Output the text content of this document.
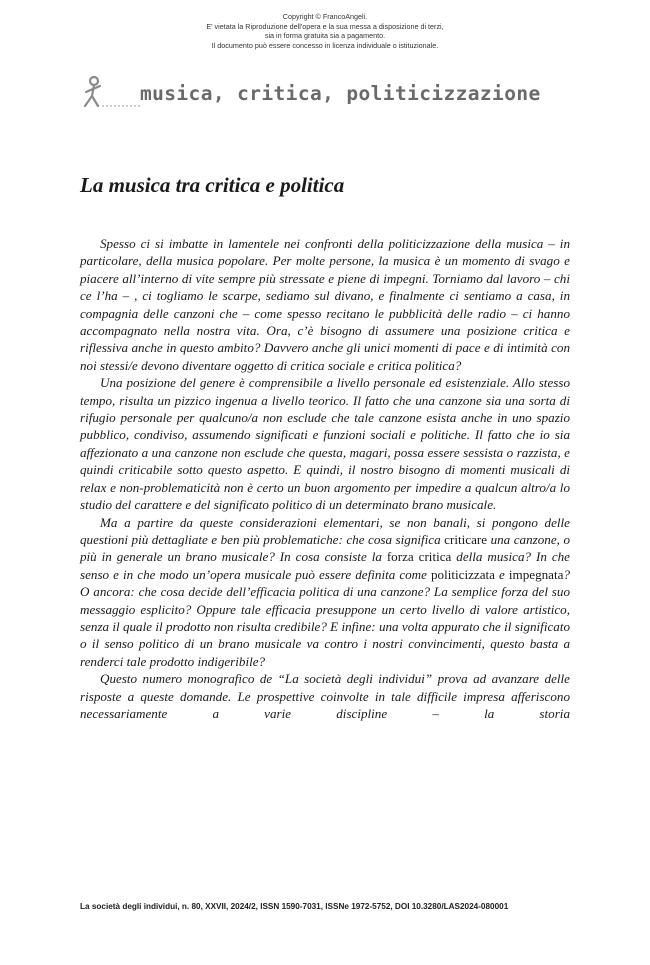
Copyright © FrancoAngeli.
E' vietata la Riproduzione dell'opera e la sua messa a disposizione di terzi,
sia in forma gratuita sia a pagamento.
Il documento può essere concesso in licenza individuale o istituzionale.
musica, critica, politicizzazione
La musica tra critica e politica

Spesso ci si imbatte in lamentele nei confronti della politicizzazione della musica – in particolare, della musica popolare. Per molte persone, la musica è un momento di svago e piacere all’interno di vite sempre più stressate e piene di impegni. Torniamo dal lavoro – chi ce l’ha – , ci togliamo le scarpe, sediamo sul divano, e finalmente ci sentiamo a casa, in compagnia delle canzoni che – come spesso recitano le pubblicità delle radio – ci hanno accompagnato nella nostra vita. Ora, c’è bisogno di assumere una posizione critica e riflessiva anche in questo ambito? Davvero anche gli unici momenti di pace e di intimità con noi stessi/e devono diventare oggetto di critica sociale e critica politica?

Una posizione del genere è comprensibile a livello personale ed esistenziale. Allo stesso tempo, risulta un pizzico ingenua a livello teorico. Il fatto che una canzone sia una sorta di rifugio personale per qualcuno/a non esclude che tale canzone esista anche in uno spazio pubblico, condiviso, assumendo significati e funzioni sociali e politiche. Il fatto che io sia affezionato a una canzone non esclude che questa, magari, possa essere sessista o razzista, e quindi criticabile sotto questo aspetto. E quindi, il nostro bisogno di momenti musicali di relax e non-problematicità non è certo un buon argomento per impedire a qualcun altro/a lo studio del carattere e del significato politico di un determinato brano musicale.

Ma a partire da queste considerazioni elementari, se non banali, si pongono delle questioni più dettagliate e ben più problematiche: che cosa significa criticare una canzone, o più in generale un brano musicale? In cosa consiste la forza critica della musica? In che senso e in che modo un’opera musicale può essere definita come politicizzata e impegnata? O ancora: che cosa decide dell’efficacia politica di una canzone? La semplice forza del suo messaggio esplicito? Oppure tale efficacia presuppone un certo livello di valore artistico, senza il quale il prodotto non risulta credibile? E infine: una volta appurato che il significato o il senso politico di un brano musicale va contro i nostri convincimenti, questo basta a renderci tale prodotto indigeribile?

Questo numero monografico de “La società degli individui” prova ad avanzare delle risposte a queste domande. Le prospettive coinvolte in tale difficile impresa afferiscono necessariamente a varie discipline – la storia

La società degli individui, n. 80, XXVII, 2024/2, ISSN 1590-7031, ISSNe 1972-5752, DOI 10.3280/LAS2024-080001
